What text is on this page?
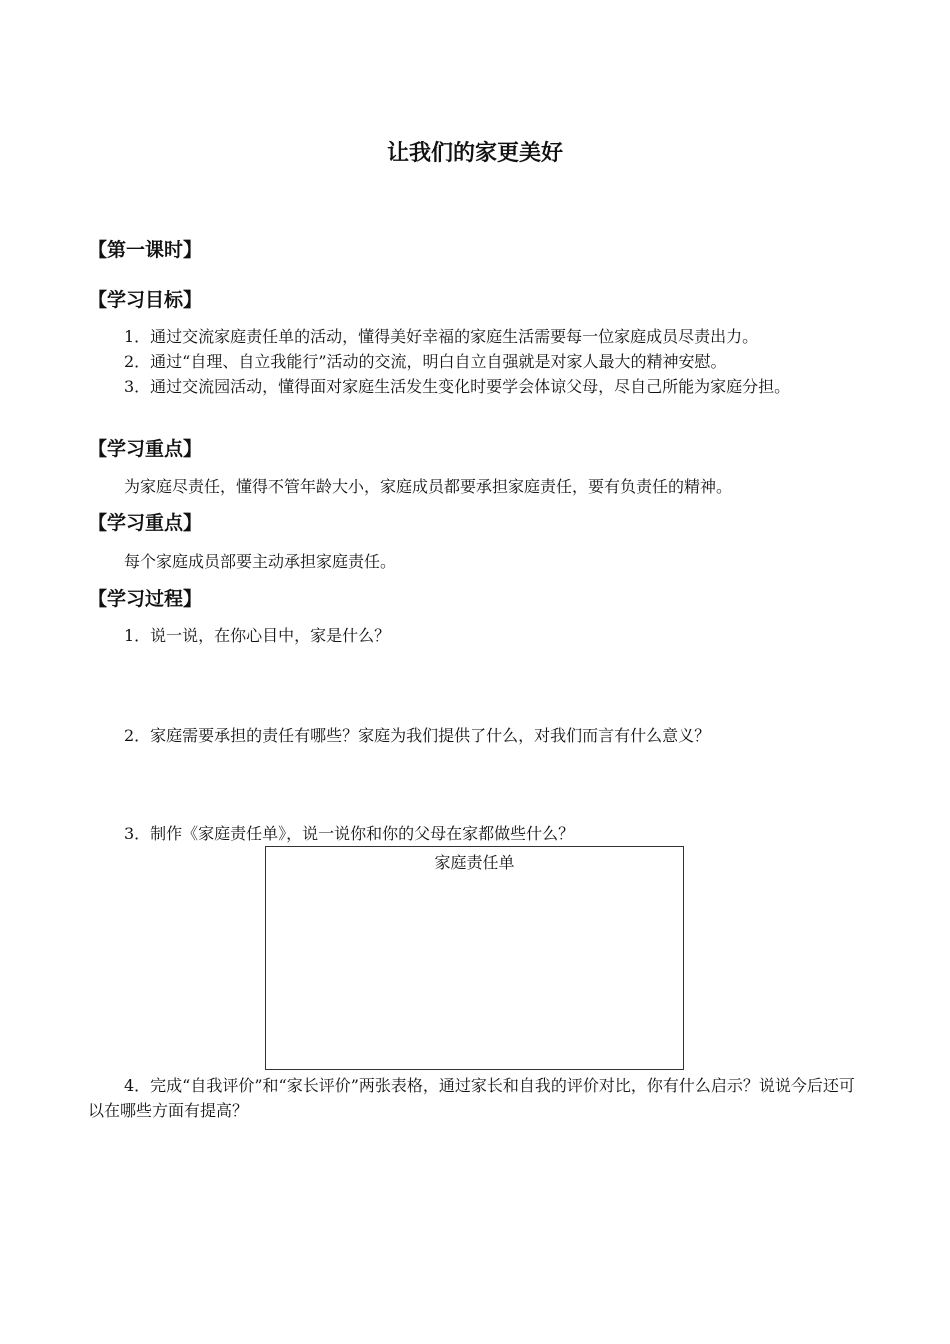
让我们的家更美好
【第一课时】
【学习目标】
1．通过交流家庭责任单的活动，懂得美好幸福的家庭生活需要每一位家庭成员尽责出力。
2．通过“自理、自立我能行”活动的交流，明白自立自强就是对家人最大的精神安慰。
3．通过交流园活动，懂得面对家庭生活发生变化时要学会体谅父母，尽自己所能为家庭分担。
【学习重点】
为家庭尽责任，懂得不管年龄大小，家庭成员都要承担家庭责任，要有负责任的精神。
【学习重点】
每个家庭成员部要主动承担家庭责任。
【学习过程】
1．说一说，在你心目中，家是什么？
2．家庭需要承担的责任有哪些？家庭为我们提供了什么，对我们而言有什么意义？
3．制作《家庭责任单》，说一说你和你的父母在家都做些什么？
家庭责任单
4．完成“自我评价”和“家长评价”两张表格，通过家长和自我的评价对比，你有什么启示？说说今后还可以在哪些方面有提高？
